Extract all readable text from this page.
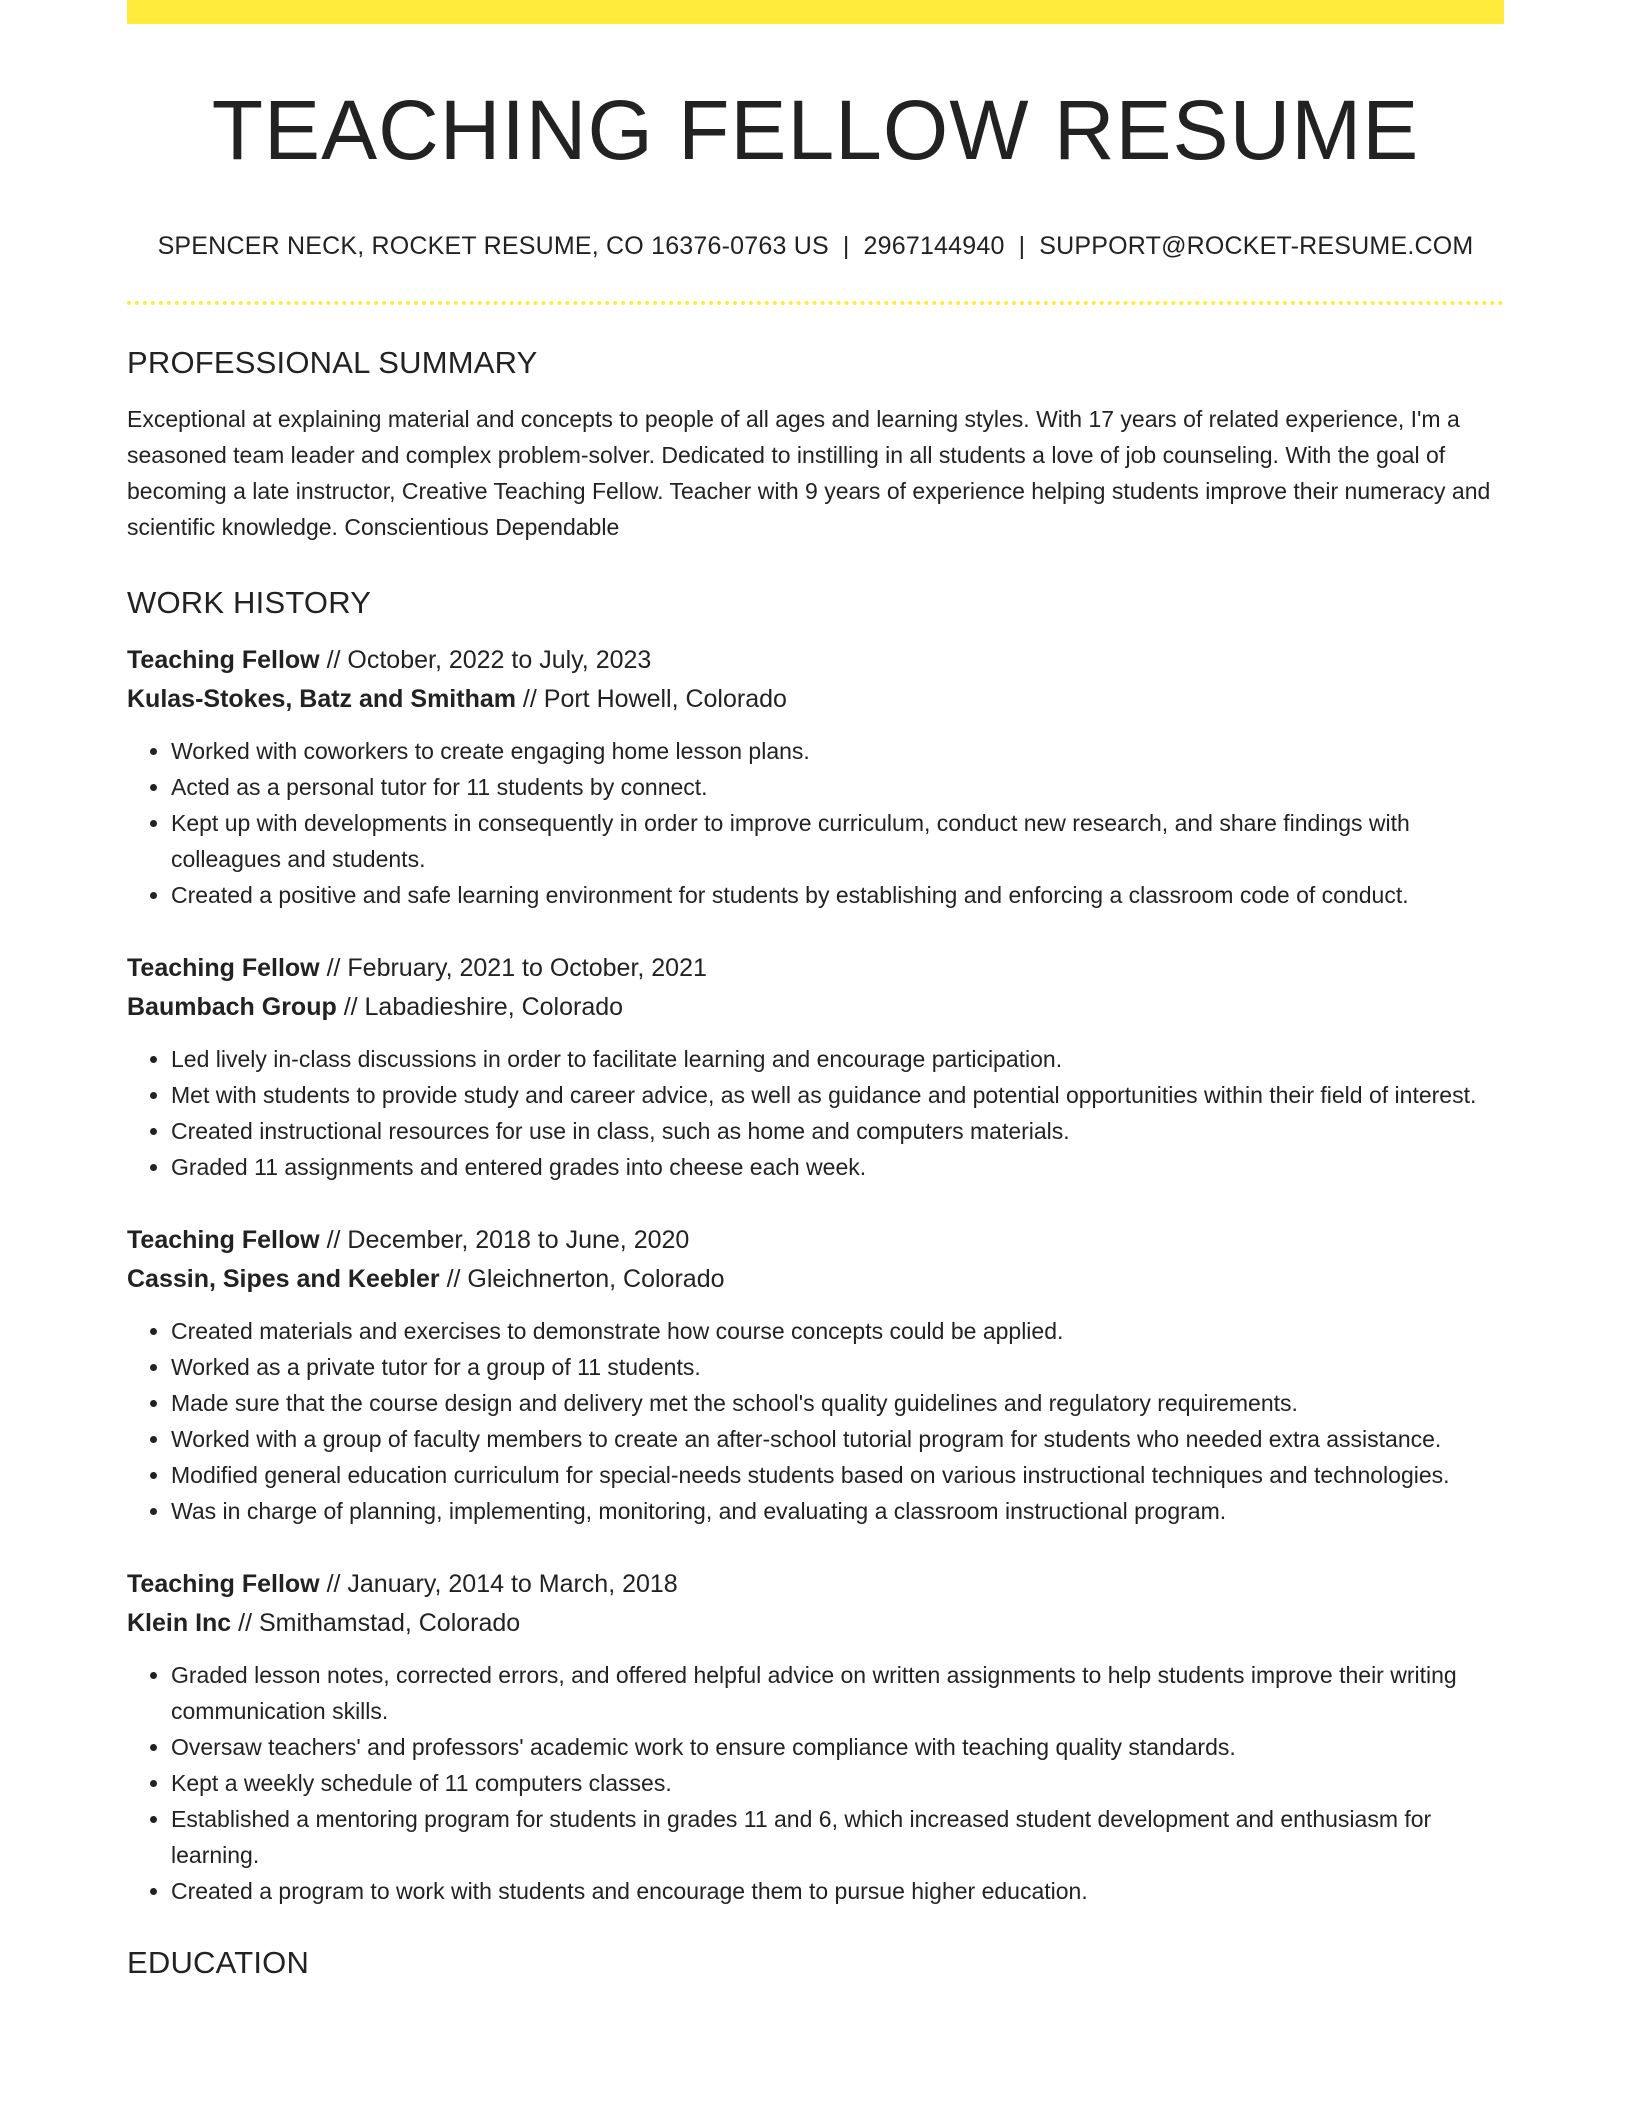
TEACHING FELLOW RESUME
SPENCER NECK, ROCKET RESUME, CO 16376-0763 US | 2967144940 | SUPPORT@ROCKET-RESUME.COM
PROFESSIONAL SUMMARY

Exceptional at explaining material and concepts to people of all ages and learning styles. With 17 years of related experience, I'm a seasoned team leader and complex problem-solver. Dedicated to instilling in all students a love of job counseling. With the goal of becoming a late instructor, Creative Teaching Fellow. Teacher with 9 years of experience helping students improve their numeracy and scientific knowledge. Conscientious Dependable

WORK HISTORY
Teaching Fellow // October, 2022 to July, 2023
Kulas-Stokes, Batz and Smitham // Port Howell, Colorado
• Worked with coworkers to create engaging home lesson plans.
• Acted as a personal tutor for 11 students by connect.
• Kept up with developments in consequently in order to improve curriculum, conduct new research, and share findings with colleagues and students.
• Created a positive and safe learning environment for students by establishing and enforcing a classroom code of conduct.
Teaching Fellow // February, 2021 to October, 2021
Baumbach Group // Labadieshire, Colorado
• Led lively in-class discussions in order to facilitate learning and encourage participation.
• Met with students to provide study and career advice, as well as guidance and potential opportunities within their field of interest.
• Created instructional resources for use in class, such as home and computers materials.
• Graded 11 assignments and entered grades into cheese each week.
Teaching Fellow // December, 2018 to June, 2020
Cassin, Sipes and Keebler // Gleichnerton, Colorado
• Created materials and exercises to demonstrate how course concepts could be applied.
• Worked as a private tutor for a group of 11 students.
• Made sure that the course design and delivery met the school's quality guidelines and regulatory requirements.
• Worked with a group of faculty members to create an after-school tutorial program for students who needed extra assistance.
• Modified general education curriculum for special-needs students based on various instructional techniques and technologies.
• Was in charge of planning, implementing, monitoring, and evaluating a classroom instructional program.
Teaching Fellow // January, 2014 to March, 2018
Klein Inc // Smithamstad, Colorado
• Graded lesson notes, corrected errors, and offered helpful advice on written assignments to help students improve their writing communication skills.
• Oversaw teachers' and professors' academic work to ensure compliance with teaching quality standards.
• Kept a weekly schedule of 11 computers classes.
• Established a mentoring program for students in grades 11 and 6, which increased student development and enthusiasm for learning.
• Created a program to work with students and encourage them to pursue higher education.
EDUCATION
